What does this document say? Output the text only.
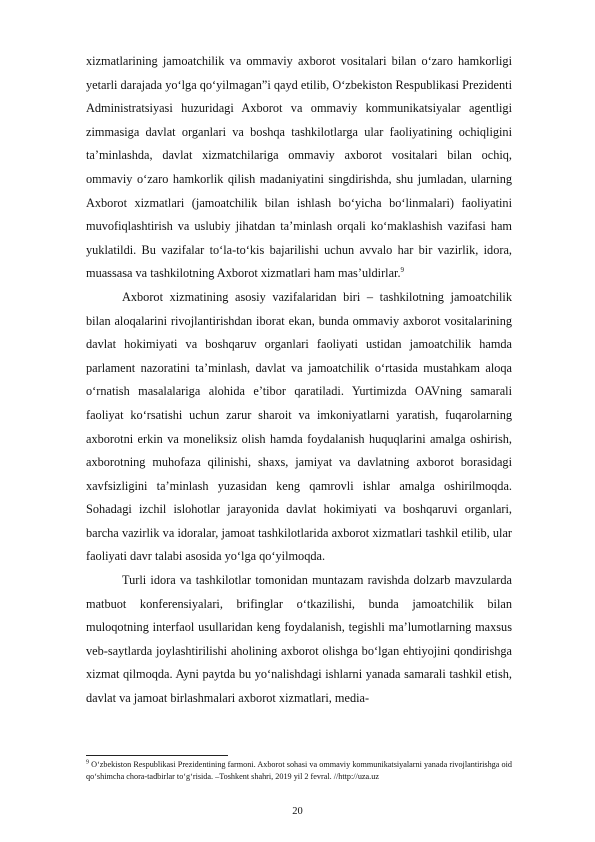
xizmatlarining jamoatchilik va ommaviy axborot vositalari bilan o‘zaro hamkorligi yetarli darajada yo‘lga qo‘yilmagan”i qayd etilib, O‘zbekiston Respublikasi Prezidenti Administratsiyasi huzuridagi Axborot va ommaviy kommunikatsiyalar agentligi zimmasiga davlat organlari va boshqa tashkilotlarga ular faoliyatining ochiqligini ta’minlashda, davlat xizmatchilariga ommaviy axborot vositalari bilan ochiq, ommaviy o‘zaro hamkorlik qilish madaniyatini singdirishda, shu jumladan, ularning Axborot xizmatlari (jamoatchilik bilan ishlash bo‘yicha bo‘linmalari) faoliyatini muvofiqlashtirish va uslubiy jihatdan ta’minlash orqali ko‘maklashish vazifasi ham yuklatildi. Bu vazifalar to‘la-to‘kis bajarilishi uchun avvalo har bir vazirlik, idora, muassasa va tashkilotning Axborot xizmatlari ham mas’uldirlar.$^9$

Axborot xizmatining asosiy vazifalaridan biri – tashkilotning jamoatchilik bilan aloqalarini rivojlantirishdan iborat ekan, bunda ommaviy axborot vositalarining davlat hokimiyati va boshqaruv organlari faoliyati ustidan jamoatchilik hamda parlament nazoratini ta’minlash, davlat va jamoatchilik o‘rtasida mustahkam aloqa o‘rnatish masalalariga alohida e’tibor qaratiladi. Yurtimizda OAVning samarali faoliyat ko‘rsatishi uchun zarur sharoit va imkoniyatlarni yaratish, fuqarolarning axborotni erkin va moneliksiz olish hamda foydalanish huquqlarini amalga oshirish, axborotning muhofaza qilinishi, shaxs, jamiyat va davlatning axborot borasidagi xavfsizligini ta’minlash yuzasidan keng qamrovli ishlar amalga oshirilmoqda. Sohadagi izchil islohotlar jarayonida davlat hokimiyati va boshqaruvi organlari, barcha vazirlik va idoralar, jamoat tashkilotlarida axborot xizmatlari tashkil etilib, ular faoliyati davr talabi asosida yo‘lga qo‘yilmoqda.

Turli idora va tashkilotlar tomonidan muntazam ravishda dolzarb mavzularda matbuot konferensiyalari, brifinglar o‘tkazilishi, bunda jamoatchilik bilan muloqotning interfaol usullaridan keng foydalanish, tegishli ma’lumotlarning maxsus veb-saytlarda joylashtirilishi aholining axborot olishga bo‘lgan ehtiyojini qondirishga xizmat qilmoqda. Ayni paytda bu yo‘nalishdagi ishlarni yanada samarali tashkil etish, davlat va jamoat birlashmalari axborot xizmatlari, media-

$^9$ O‘zbekiston Respublikasi Prezidentining farmoni. Axborot sohasi va ommaviy kommunikatsiyalarni yanada rivojlantirishga oid qo‘shimcha chora-tadbirlar to‘g‘risida. –Toshkent shahri, 2019 yil 2 fevral. //http://uza.uz

20
